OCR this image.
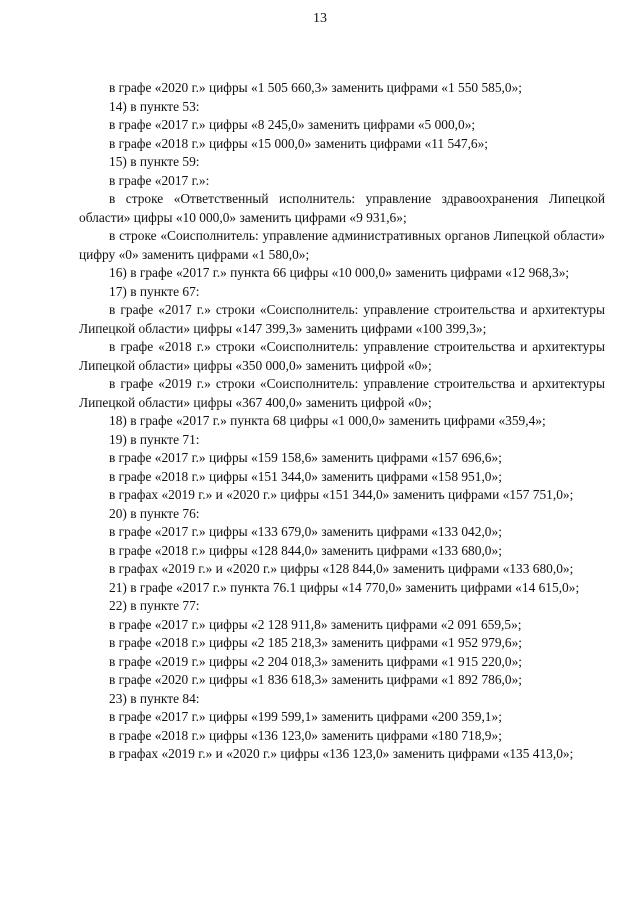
13

в графе «2020 г.» цифры «1 505 660,3» заменить цифрами «1 550 585,0»;

14) в пункте 53:

в графе «2017 г.» цифры «8 245,0» заменить цифрами «5 000,0»;

в графе «2018 г.» цифры «15 000,0» заменить цифрами «11 547,6»;

15) в пункте 59:

в графе «2017 г.»:

в строке «Ответственный исполнитель: управление здравоохранения Липецкой области» цифры «10 000,0» заменить цифрами «9 931,6»;

в строке «Соисполнитель: управление административных органов Липецкой области» цифру «0» заменить цифрами «1 580,0»;

16) в графе «2017 г.» пункта 66 цифры «10 000,0» заменить цифрами «12 968,3»;

17) в пункте 67:

в графе «2017 г.» строки «Соисполнитель: управление строительства и архитектуры Липецкой области» цифры «147 399,3» заменить цифрами «100 399,3»;

в графе «2018 г.» строки «Соисполнитель: управление строительства и архитектуры Липецкой области» цифры «350 000,0» заменить цифрой «0»;

в графе «2019 г.» строки «Соисполнитель: управление строительства и архитектуры Липецкой области» цифры «367 400,0» заменить цифрой «0»;

18) в графе «2017 г.» пункта 68 цифры «1 000,0» заменить цифрами «359,4»;

19) в пункте 71:

в графе «2017 г.» цифры «159 158,6» заменить цифрами «157 696,6»;

в графе «2018 г.» цифры «151 344,0» заменить цифрами «158 951,0»;

в графах «2019 г.» и «2020 г.» цифры «151 344,0» заменить цифрами «157 751,0»;

20) в пункте 76:

в графе «2017 г.» цифры «133 679,0» заменить цифрами «133 042,0»;

в графе «2018 г.» цифры «128 844,0» заменить цифрами «133 680,0»;

в графах «2019 г.» и «2020 г.» цифры «128 844,0» заменить цифрами «133 680,0»;

21) в графе «2017 г.» пункта 76.1 цифры «14 770,0» заменить цифрами «14 615,0»;

22) в пункте 77:

в графе «2017 г.» цифры «2 128 911,8» заменить цифрами «2 091 659,5»;

в графе «2018 г.» цифры «2 185 218,3» заменить цифрами «1 952 979,6»;

в графе «2019 г.» цифры «2 204 018,3» заменить цифрами «1 915 220,0»;

в графе «2020 г.» цифры «1 836 618,3» заменить цифрами «1 892 786,0»;

23) в пункте 84:

в графе «2017 г.» цифры «199 599,1» заменить цифрами «200 359,1»;

в графе «2018 г.» цифры «136 123,0» заменить цифрами «180 718,9»;

в графах «2019 г.» и «2020 г.» цифры «136 123,0» заменить цифрами «135 413,0»;
